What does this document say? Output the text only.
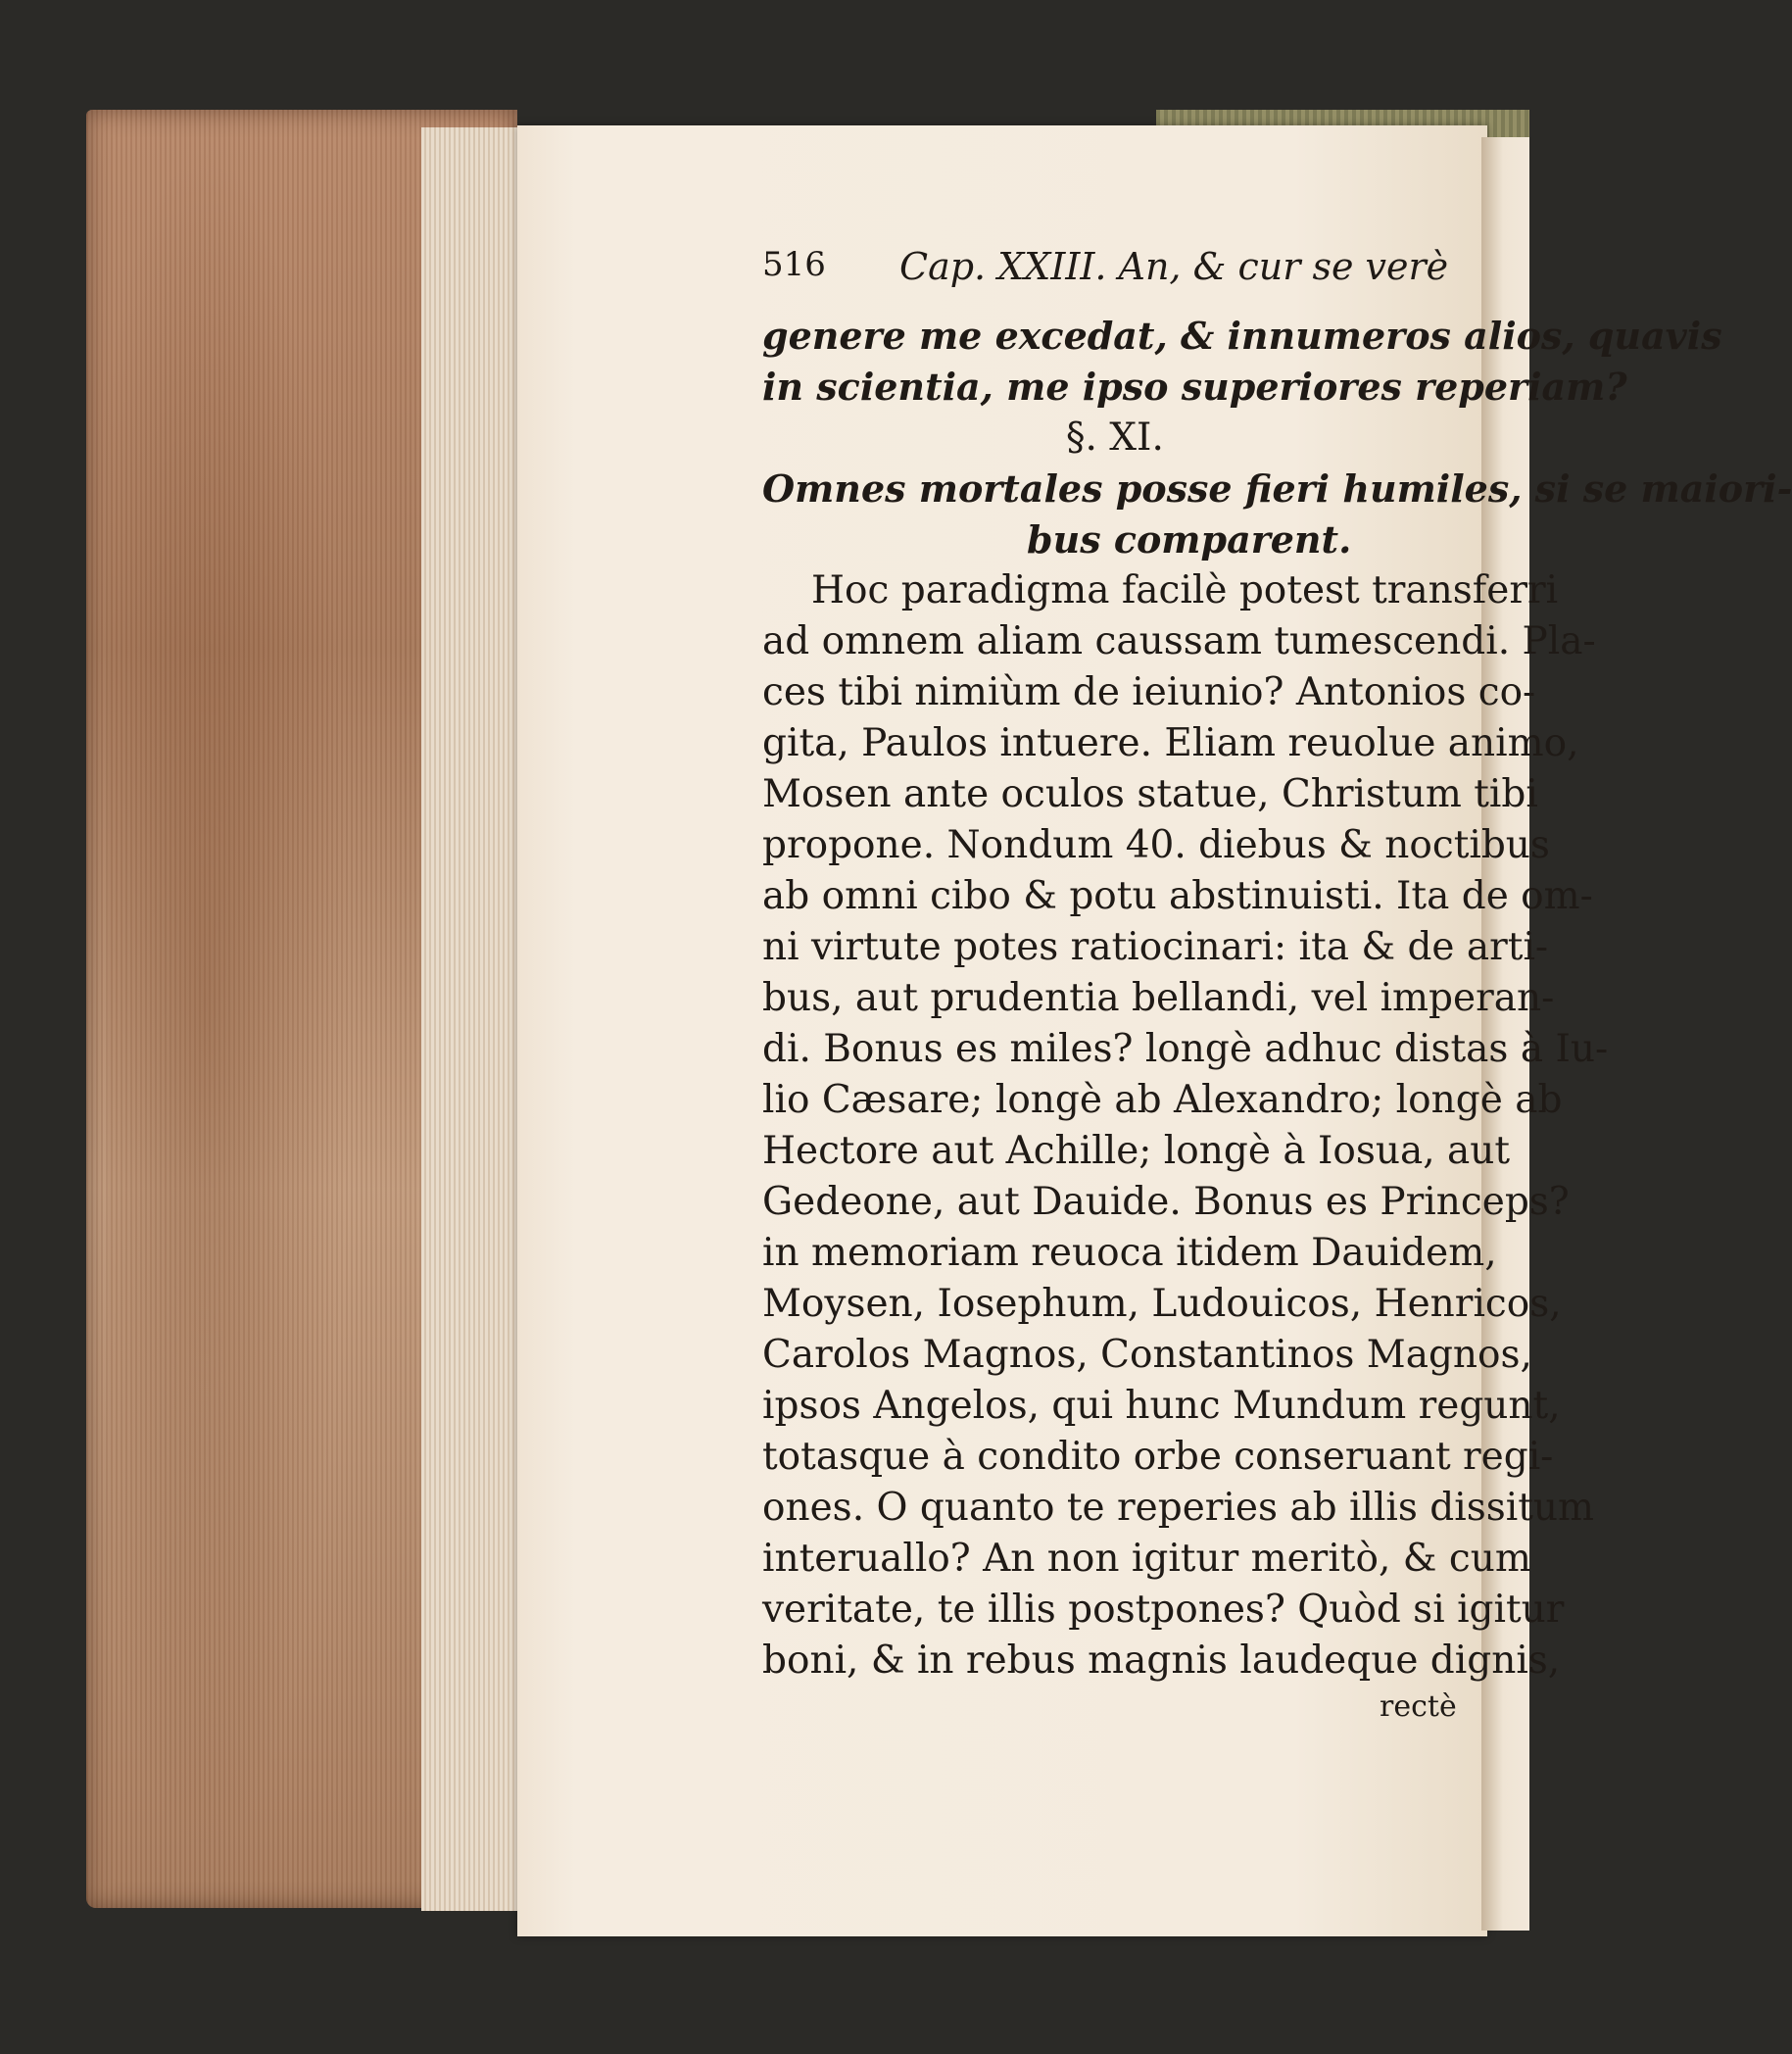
516 Cap. XXIII. An, & cur se verè
genere me excedat, & innumeros alios, quavis
in scientia, me ipso superiores reperiam?
§. XI.
Omnes mortales posse fieri humiles, si se maiori-
bus comparent.
Hoc paradigma facilè potest transferri
ad omnem aliam caussam tumescendi. Pla-
ces tibi nimiùm de ieiunio? Antonios co-
gita, Paulos intuere. Eliam reuolue animo,
Mosen ante oculos statue, Christum tibi
propone. Nondum 40. diebus & noctibus
ab omni cibo & potu abstinuisti. Ita de om-
ni virtute potes ratiocinari: ita & de arti-
bus, aut prudentia bellandi, vel imperan-
di. Bonus es miles? longè adhuc distas à Iu-
lio Cæsare; longè ab Alexandro; longè ab
Hectore aut Achille; longè à Iosua, aut
Gedeone, aut Dauide. Bonus es Princeps?
in memoriam reuoca itidem Dauidem,
Moysen, Iosephum, Ludouicos, Henricos,
Carolos Magnos, Constantinos Magnos,
ipsos Angelos, qui hunc Mundum regunt,
totasque à condito orbe conseruant regi-
ones. O quanto te reperies ab illis dissitum
interuallo? An non igitur meritò, & cum
veritate, te illis postpones? Quòd si igitur
boni, & in rebus magnis laudeque dignis,
rectè
